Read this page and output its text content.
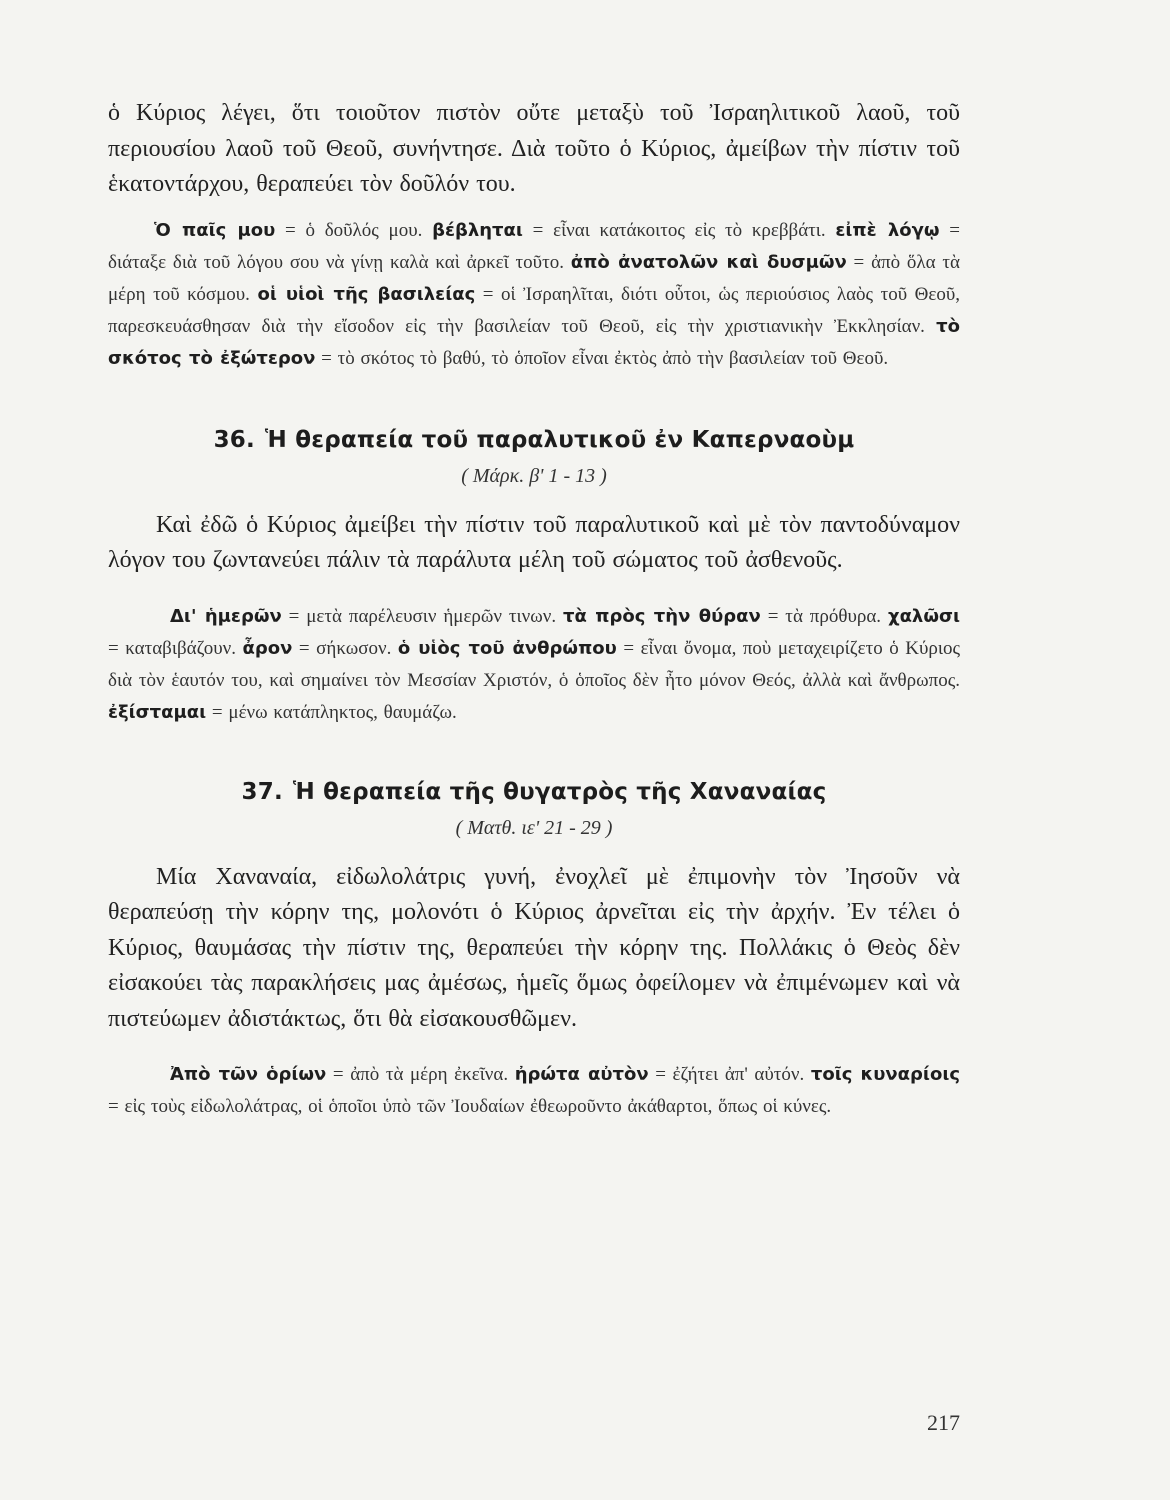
ὁ Κύριος λέγει, ὅτι τοιοῦτον πιστὸν οὔτε μεταξὺ τοῦ Ἰσραηλιτικοῦ λαοῦ, τοῦ περιουσίου λαοῦ τοῦ Θεοῦ, συνήντησε. Διὰ τοῦτο ὁ Κύριος, ἀμείβων τὴν πίστιν τοῦ ἑκατοντάρχου, θεραπεύει τὸν δοῦλόν του.

Ὁ παῖς μου = ὁ δοῦλός μου. βέβληται = εἶναι κατάκοιτος εἰς τὸ κρεββάτι. εἰπὲ λόγῳ = διάταξε διὰ τοῦ λόγου σου νὰ γίνῃ καλὰ καὶ ἀρκεῖ τοῦτο. ἀπὸ ἀνατολῶν καὶ δυσμῶν = ἀπὸ ὅλα τὰ μέρη τοῦ κόσμου. οἱ υἱοὶ τῆς βασιλείας = οἱ Ἰσραηλῖται, διότι οὗτοι, ὡς περιούσιος λαὸς τοῦ Θεοῦ, παρεσκευάσθησαν διὰ τὴν εἴσοδον εἰς τὴν βασιλείαν τοῦ Θεοῦ, εἰς τὴν χριστιανικὴν Ἐκκλησίαν. τὸ σκότος τὸ ἐξώτερον = τὸ σκότος τὸ βαθύ, τὸ ὁποῖον εἶναι ἐκτὸς ἀπὸ τὴν βασιλείαν τοῦ Θεοῦ.

36. Ἡ θεραπεία τοῦ παραλυτικοῦ ἐν Καπερναοὺμ

( Μάρκ. β' 1 - 13 )

Καὶ ἐδῶ ὁ Κύριος ἀμείβει τὴν πίστιν τοῦ παραλυτικοῦ καὶ μὲ τὸν παντοδύναμον λόγον του ζωντανεύει πάλιν τὰ παράλυτα μέλη τοῦ σώματος τοῦ ἀσθενοῦς.

Δι' ἡμερῶν = μετὰ παρέλευσιν ἡμερῶν τινων. τὰ πρὸς τὴν θύραν = τὰ πρόθυρα. χαλῶσι = καταβιβάζουν. ἆρον = σήκωσον. ὁ υἱὸς τοῦ ἀνθρώπου = εἶναι ὄνομα, ποὺ μεταχειρίζετο ὁ Κύριος διὰ τὸν ἑαυτόν του, καὶ σημαίνει τὸν Μεσσίαν Χριστόν, ὁ ὁποῖος δὲν ἦτο μόνον Θεός, ἀλλὰ καὶ ἄνθρωπος. ἐξίσταμαι = μένω κατάπληκτος, θαυμάζω.

37. Ἡ θεραπεία τῆς θυγατρὸς τῆς Χαναναίας

( Ματθ. ιε' 21 - 29 )

Μία Χαναναία, εἰδωλολάτρις γυνή, ἐνοχλεῖ μὲ ἐπιμονὴν τὸν Ἰησοῦν νὰ θεραπεύσῃ τὴν κόρην της, μολονότι ὁ Κύριος ἀρνεῖται εἰς τὴν ἀρχήν. Ἐν τέλει ὁ Κύριος, θαυμάσας τὴν πίστιν της, θεραπεύει τὴν κόρην της. Πολλάκις ὁ Θεὸς δὲν εἰσακούει τὰς παρακλήσεις μας ἀμέσως, ἡμεῖς ὅμως ὀφείλομεν νὰ ἐπιμένωμεν καὶ νὰ πιστεύωμεν ἀδιστάκτως, ὅτι θὰ εἰσακουσθῶμεν.

Ἀπὸ τῶν ὁρίων = ἀπὸ τὰ μέρη ἐκεῖνα. ἠρώτα αὐτὸν = ἐζήτει ἀπ' αὐτόν. τοῖς κυναρίοις = εἰς τοὺς εἰδωλολάτρας, οἱ ὁποῖοι ὑπὸ τῶν Ἰουδαίων ἐθεωροῦντο ἀκάθαρτοι, ὅπως οἱ κύνες.

217
